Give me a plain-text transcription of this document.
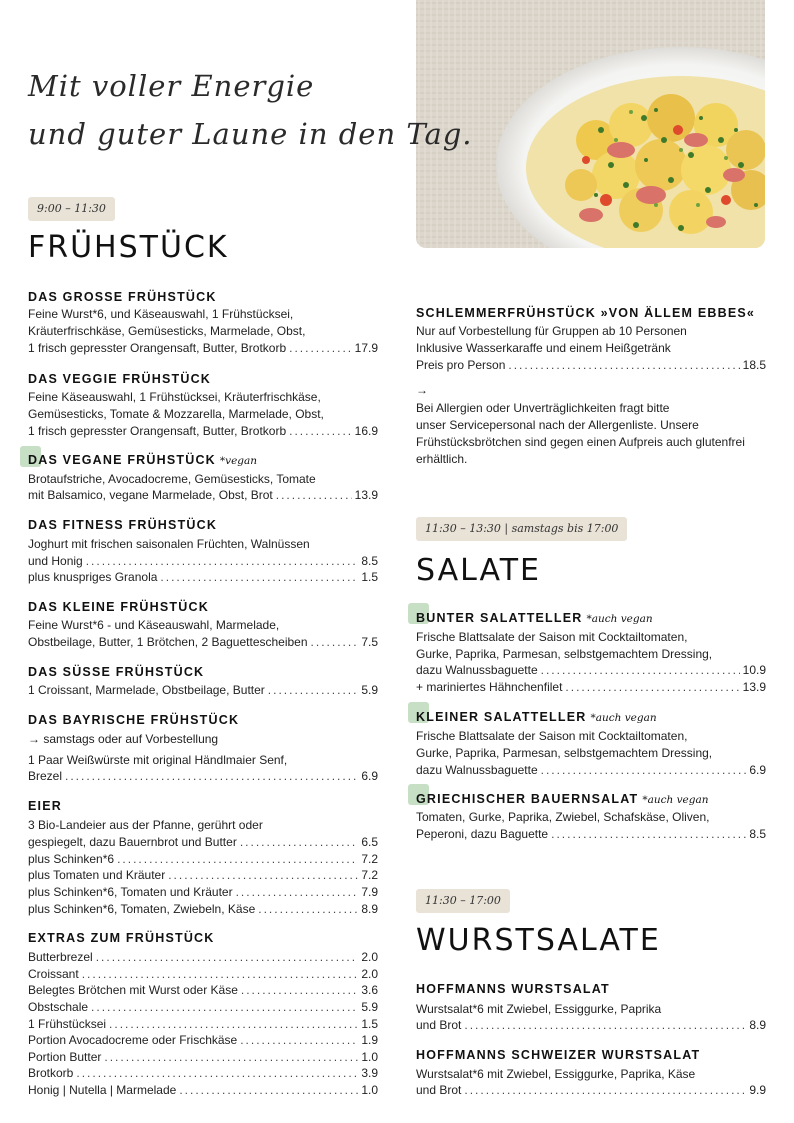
Mit voller Energie
und guter Laune in den Tag.
9:00 – 11:30
FRÜHSTÜCK
DAS GROSSE FRÜHSTÜCK
Feine Wurst*6, und Käseauswahl, 1 Frühstücksei,
Kräuterfrischkäse, Gemüsesticks, Marmelade, Obst,
1 frisch gepresster Orangensaft, Butter, Brotkorb .....	17.9
DAS VEGGIE FRÜHSTÜCK
Feine Käseauswahl, 1 Frühstücksei, Kräuterfrischkäse,
Gemüsesticks, Tomate & Mozzarella, Marmelade, Obst,
1 frisch gepresster Orangensaft, Butter, Brotkorb .....	16.9
DAS VEGANE FRÜHSTÜCK *vegan
Brotaufstriche, Avocadocreme, Gemüsesticks, Tomate
mit Balsamico, vegane Marmelade, Obst, Brot .....	13.9
DAS FITNESS FRÜHSTÜCK
Joghurt mit frischen saisonalen Früchten, Walnüssen
und Honig .....	8.5
plus knuspriges Granola .....	1.5
DAS KLEINE FRÜHSTÜCK
Feine Wurst*6 - und Käseauswahl, Marmelade,
Obstbeilage, Butter, 1 Brötchen, 2 Baguettescheiben .....	7.5
DAS SÜSSE FRÜHSTÜCK
1 Croissant, Marmelade, Obstbeilage, Butter .....	5.9
DAS BAYRISCHE FRÜHSTÜCK
→ samstags oder auf Vorbestellung
1 Paar Weißwürste mit original Händlmaier Senf,
Brezel .....	6.9
EIER
3 Bio-Landeier aus der Pfanne, gerührt oder
gespiegelt, dazu Bauernbrot und Butter .....	6.5
plus Schinken*6 .....	7.2
plus Tomaten und Kräuter .....	7.2
plus Schinken*6, Tomaten und Kräuter .....	7.9
plus Schinken*6, Tomaten, Zwiebeln, Käse .....	8.9
EXTRAS ZUM FRÜHSTÜCK
Butterbrezel .....	2.0
Croissant .....	2.0
Belegtes Brötchen mit Wurst oder Käse .....	3.6
Obstschale .....	5.9
1 Frühstücksei .....	1.5
Portion Avocadocreme oder Frischkäse .....	1.9
Portion Butter .....	1.0
Brotkorb .....	3.9
Honig | Nutella | Marmelade .....	1.0
SCHLEMMERFRÜHSTÜCK »VON ÄLLEM EBBES«
Nur auf Vorbestellung für Gruppen ab 10 Personen
Inklusive Wasserkaraffe und einem Heißgetränk
Preis pro Person .....	18.5
→
Bei Allergien oder Unverträglichkeiten fragt bitte
unser Servicepersonal nach der Allergenliste. Unsere
Frühstücksbrötchen sind gegen einen Aufpreis auch glutenfrei
erhältlich.
11:30 – 13:30 | samstags bis 17:00
SALATE
BUNTER SALATTELLER *auch vegan
Frische Blattsalate der Saison mit Cocktailtomaten,
Gurke, Paprika, Parmesan, selbstgemachtem Dressing,
dazu Walnussbaguette .....	10.9
+ mariniertes Hähnchenfilet .....	13.9
KLEINER SALATTELLER *auch vegan
Frische Blattsalate der Saison mit Cocktailtomaten,
Gurke, Paprika, Parmesan, selbstgemachtem Dressing,
dazu Walnussbaguette .....	6.9
GRIECHISCHER BAUERNSALAT *auch vegan
Tomaten, Gurke, Paprika, Zwiebel, Schafskäse, Oliven,
Peperoni, dazu Baguette .....	8.5
11:30 – 17:00
WURSTSALATE
HOFFMANNS WURSTSALAT
Wurstsalat*6 mit Zwiebel, Essiggurke, Paprika
und Brot .....	8.9
HOFFMANNS SCHWEIZER WURSTSALAT
Wurstsalat*6 mit Zwiebel, Essiggurke, Paprika, Käse
und Brot .....	9.9
